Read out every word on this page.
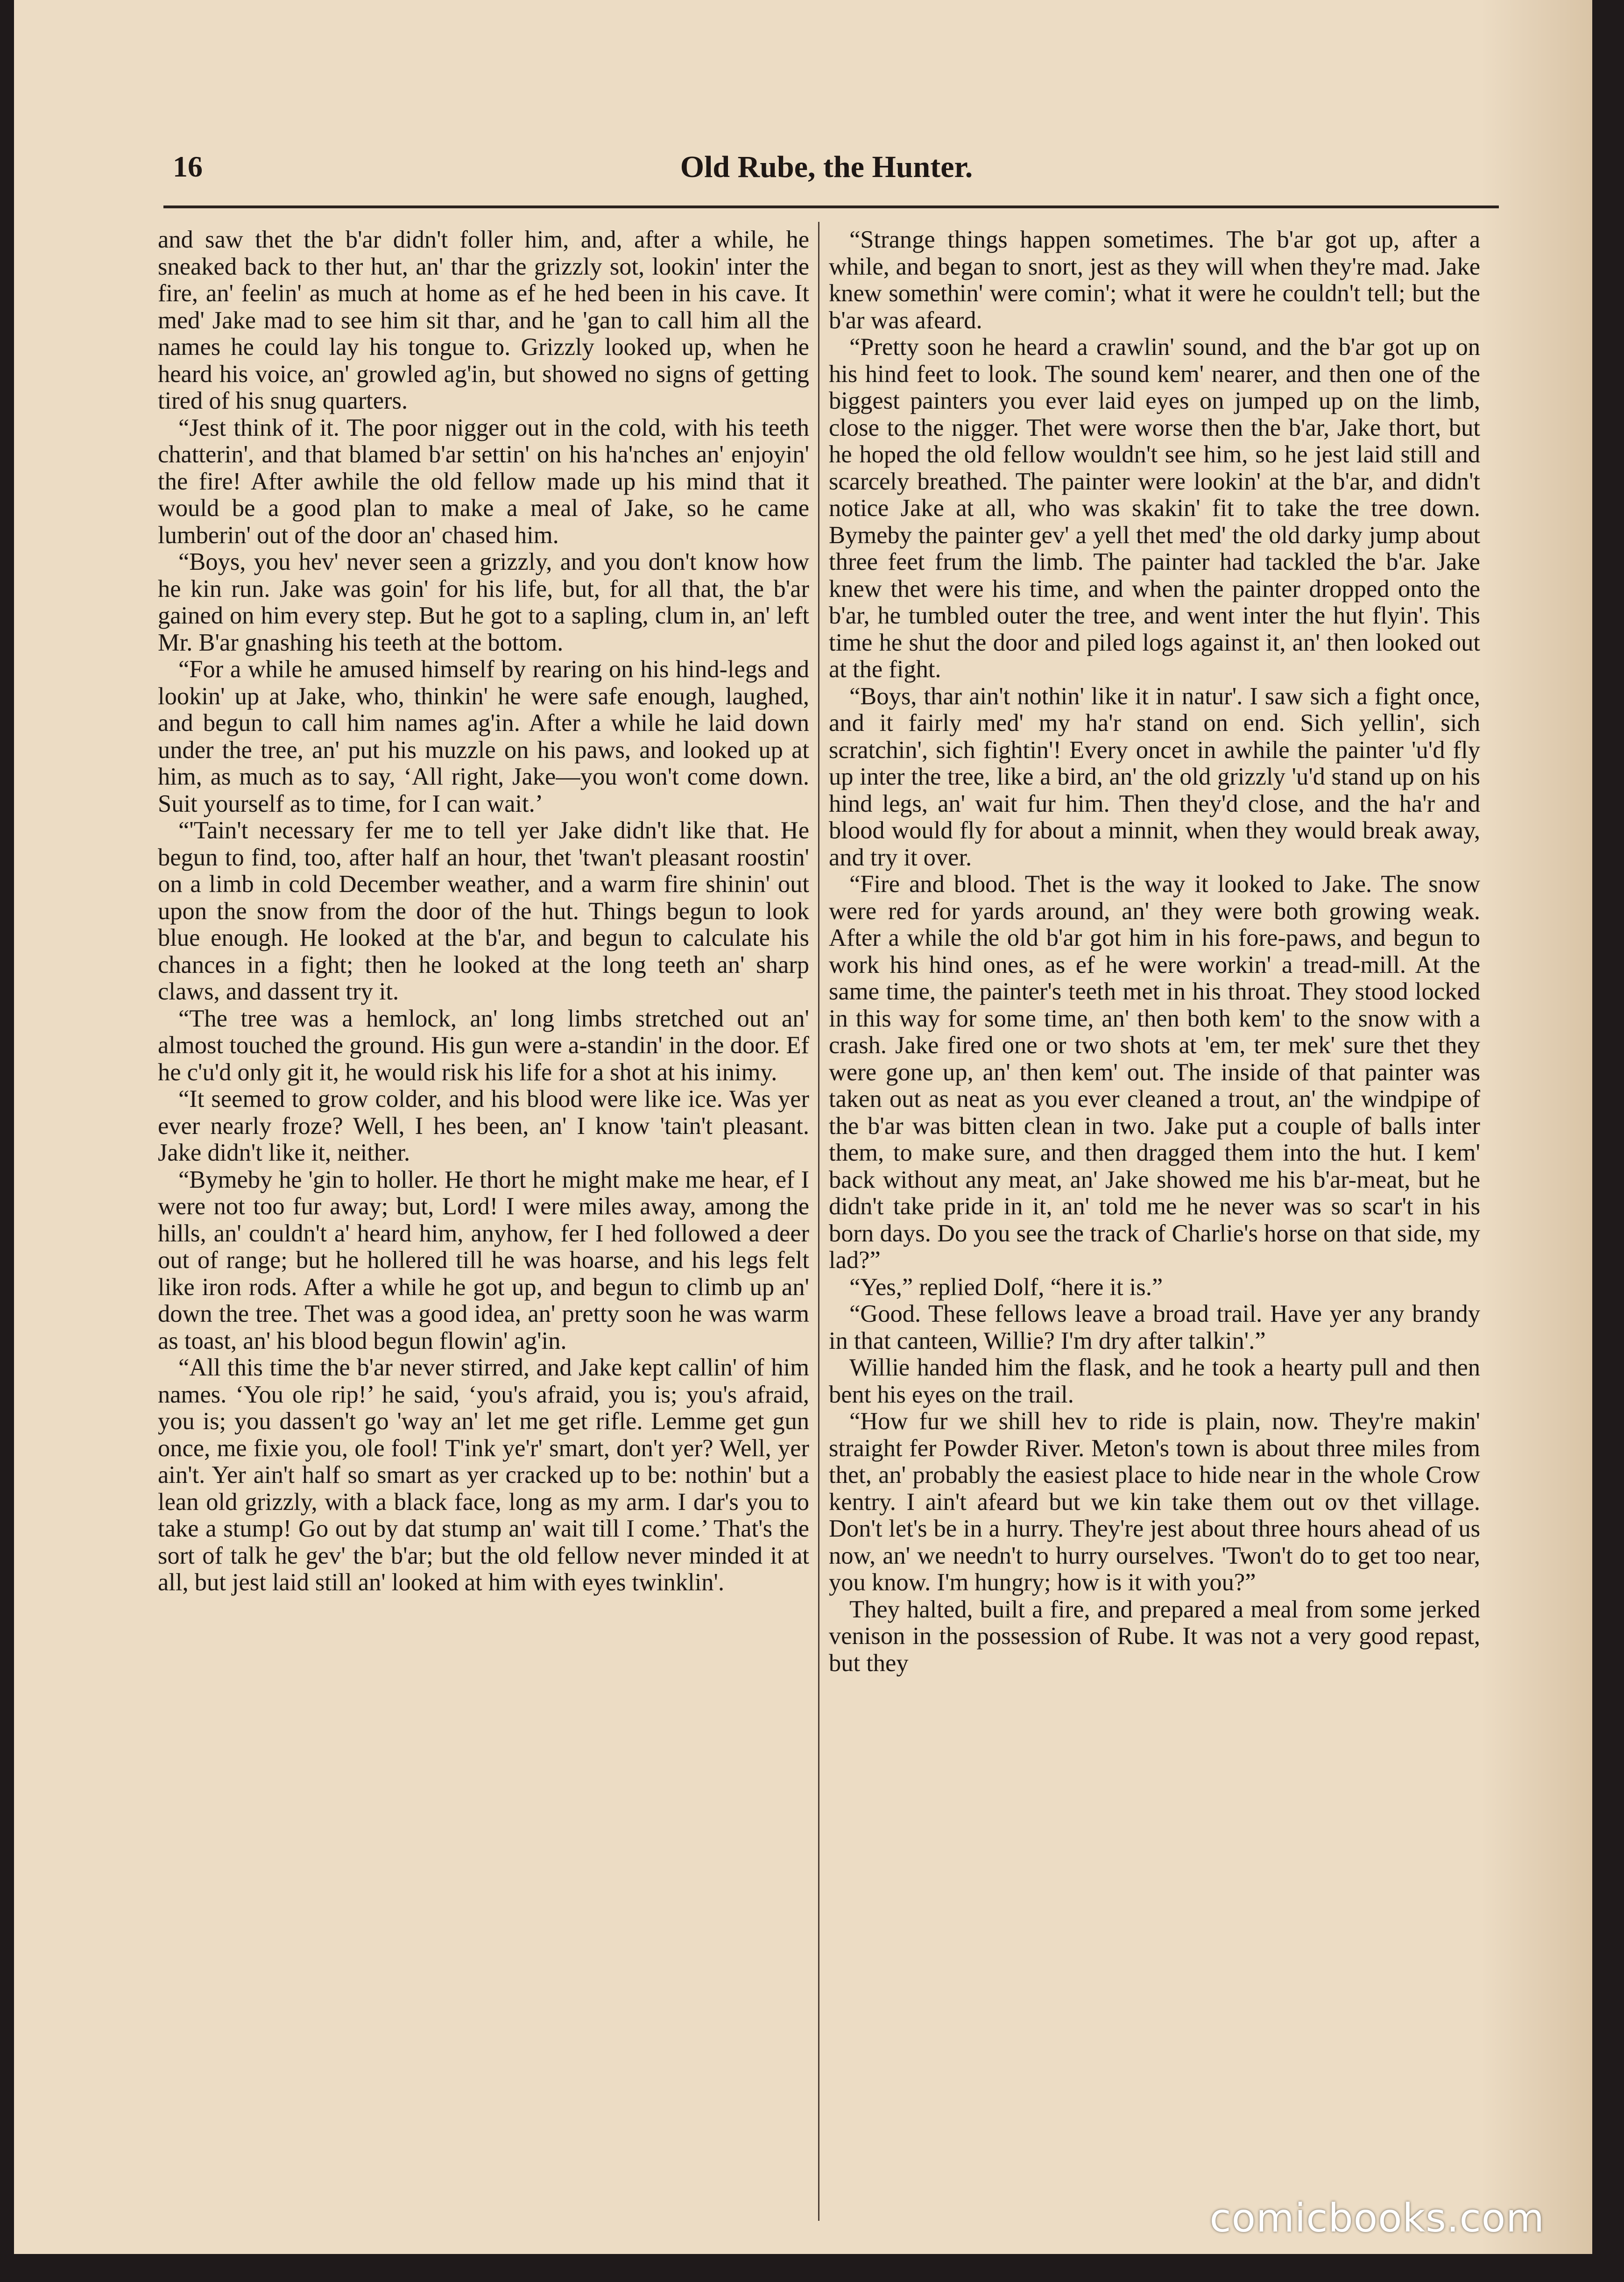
16	Old Rube, the Hunter.

and saw thet the b'ar didn't foller him, and, after a while, he sneaked back to ther hut, an' thar the grizzly sot, lookin' inter the fire, an' feelin' as much at home as ef he hed been in his cave. It med' Jake mad to see him sit thar, and he 'gan to call him all the names he could lay his tongue to. Grizzly looked up, when he heard his voice, an' growled ag'in, but showed no signs of getting tired of his snug quarters.

“Jest think of it. The poor nigger out in the cold, with his teeth chatterin', and that blamed b'ar settin' on his ha'nches an' enjoyin' the fire! After awhile the old fellow made up his mind that it would be a good plan to make a meal of Jake, so he came lumberin' out of the door an' chased him.

“Boys, you hev' never seen a grizzly, and you don't know how he kin run. Jake was goin' for his life, but, for all that, the b'ar gained on him every step. But he got to a sapling, clum in, an' left Mr. B'ar gnashing his teeth at the bottom.

“For a while he amused himself by rearing on his hind-legs and lookin' up at Jake, who, thinkin' he were safe enough, laughed, and begun to call him names ag'in. After a while he laid down under the tree, an' put his muzzle on his paws, and looked up at him, as much as to say, ‘All right, Jake—you won't come down. Suit yourself as to time, for I can wait.’

“'Tain't necessary fer me to tell yer Jake didn't like that. He begun to find, too, after half an hour, thet 'twan't pleasant roostin' on a limb in cold December weather, and a warm fire shinin' out upon the snow from the door of the hut. Things begun to look blue enough. He looked at the b'ar, and begun to calculate his chances in a fight; then he looked at the long teeth an' sharp claws, and dassent try it.

“The tree was a hemlock, an' long limbs stretched out an' almost touched the ground. His gun were a-standin' in the door. Ef he c'u'd only git it, he would risk his life for a shot at his inimy.

“It seemed to grow colder, and his blood were like ice. Was yer ever nearly froze? Well, I hes been, an' I know 'tain't pleasant. Jake didn't like it, neither.

“Bymeby he 'gin to holler. He thort he might make me hear, ef I were not too fur away; but, Lord! I were miles away, among the hills, an' couldn't a' heard him, anyhow, fer I hed followed a deer out of range; but he hollered till he was hoarse, and his legs felt like iron rods. After a while he got up, and begun to climb up an' down the tree. Thet was a good idea, an' pretty soon he was warm as toast, an' his blood begun flowin' ag'in.

“All this time the b'ar never stirred, and Jake kept callin' of him names. ‘You ole rip!’ he said, ‘you's afraid, you is; you's afraid, you is; you dassen't go 'way an' let me get rifle. Lemme get gun once, me fixie you, ole fool! T'ink ye'r' smart, don't yer? Well, yer ain't. Yer ain't half so smart as yer cracked up to be: nothin' but a lean old grizzly, with a black face, long as my arm. I dar's you to take a stump! Go out by dat stump an' wait till I come.’ That's the sort of talk he gev' the b'ar; but the old fellow never minded it at all, but jest laid still an' looked at him with eyes twinklin'.

“Strange things happen sometimes. The b'ar got up, after a while, and began to snort, jest as they will when they're mad. Jake knew somethin' were comin'; what it were he couldn't tell; but the b'ar was afeard.

“Pretty soon he heard a crawlin' sound, and the b'ar got up on his hind feet to look. The sound kem' nearer, and then one of the biggest painters you ever laid eyes on jumped up on the limb, close to the nigger. Thet were worse then the b'ar, Jake thort, but he hoped the old fellow wouldn't see him, so he jest laid still and scarcely breathed. The painter were lookin' at the b'ar, and didn't notice Jake at all, who was skakin' fit to take the tree down. Bymeby the painter gev' a yell thet med' the old darky jump about three feet frum the limb. The painter had tackled the b'ar. Jake knew thet were his time, and when the painter dropped onto the b'ar, he tumbled outer the tree, and went inter the hut flyin'. This time he shut the door and piled logs against it, an' then looked out at the fight.

“Boys, thar ain't nothin' like it in natur'. I saw sich a fight once, and it fairly med' my ha'r stand on end. Sich yellin', sich scratchin', sich fightin'! Every oncet in awhile the painter 'u'd fly up inter the tree, like a bird, an' the old grizzly 'u'd stand up on his hind legs, an' wait fur him. Then they'd close, and the ha'r and blood would fly for about a minnit, when they would break away, and try it over.

“Fire and blood. Thet is the way it looked to Jake. The snow were red for yards around, an' they were both growing weak. After a while the old b'ar got him in his fore-paws, and begun to work his hind ones, as ef he were workin' a tread-mill. At the same time, the painter's teeth met in his throat. They stood locked in this way for some time, an' then both kem' to the snow with a crash. Jake fired one or two shots at 'em, ter mek' sure thet they were gone up, an' then kem' out. The inside of that painter was taken out as neat as you ever cleaned a trout, an' the windpipe of the b'ar was bitten clean in two. Jake put a couple of balls inter them, to make sure, and then dragged them into the hut. I kem' back without any meat, an' Jake showed me his b'ar-meat, but he didn't take pride in it, an' told me he never was so scar't in his born days. Do you see the track of Charlie's horse on that side, my lad?”

“Yes,” replied Dolf, “here it is.”

“Good. These fellows leave a broad trail. Have yer any brandy in that canteen, Willie? I'm dry after talkin'.”

Willie handed him the flask, and he took a hearty pull and then bent his eyes on the trail.

“How fur we shill hev to ride is plain, now. They're makin' straight fer Powder River. Meton's town is about three miles from thet, an' probably the easiest place to hide near in the whole Crow kentry. I ain't afeard but we kin take them out ov thet village. Don't let's be in a hurry. They're jest about three hours ahead of us now, an' we needn't to hurry ourselves. 'Twon't do to get too near, you know. I'm hungry; how is it with you?”

They halted, built a fire, and prepared a meal from some jerked venison in the possession of Rube. It was not a very good repast, but they

comicbooks.com
